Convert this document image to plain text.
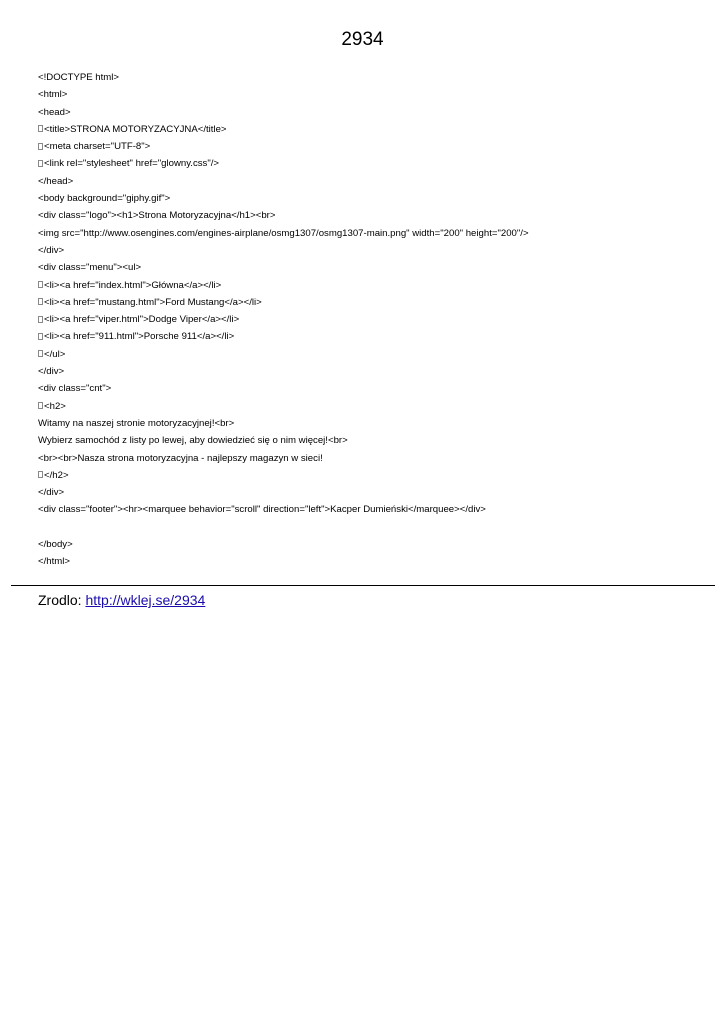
2934
<!DOCTYPE html>
<html>
<head>
<title>STRONA MOTORYZACYJNA</title>
<meta charset="UTF-8">
<link rel="stylesheet" href="glowny.css"/>
</head>
<body background="giphy.gif">
<div class="logo"><h1>Strona Motoryzacyjna</h1><br>
<img src="http://www.osengines.com/engines-airplane/osmg1307/osmg1307-main.png" width="200" height="200"/>
</div>
<div class="menu"><ul>
<li><a href="index.html">Główna</a></li>
<li><a href="mustang.html">Ford Mustang</a></li>
<li><a href="viper.html">Dodge Viper</a></li>
<li><a href="911.html">Porsche 911</a></li>
</ul>
</div>
<div class="cnt">
<h2>
Witamy na naszej stronie motoryzacyjnej!<br>
Wybierz samochód z listy po lewej, aby dowiedzieć się o nim więcej!<br>
<br><br>Nasza strona motoryzacyjna - najlepszy magazyn w sieci!
</h2>
</div>
<div class="footer"><hr><marquee behavior="scroll" direction="left">Kacper Dumieński</marquee></div>
</body>
</html>
Zrodlo: http://wklej.se/2934
